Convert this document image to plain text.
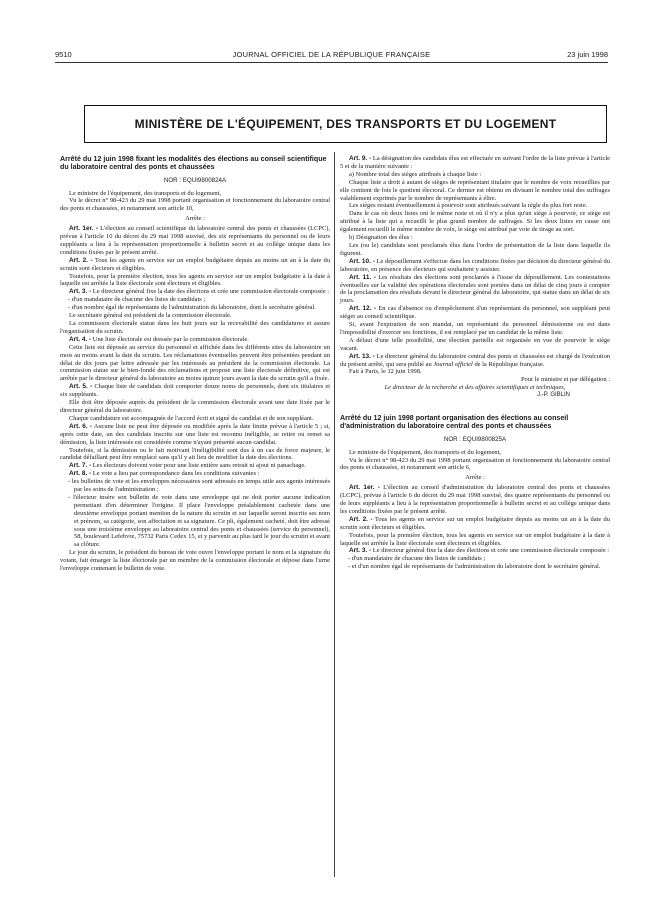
9510	JOURNAL OFFICIEL DE LA RÉPUBLIQUE FRANÇAISE	23 juin 1998
MINISTÈRE DE L'ÉQUIPEMENT, DES TRANSPORTS ET DU LOGEMENT

Arrêté du 12 juin 1998 fixant les modalités des élections au conseil scientifique du laboratoire central des ponts et chaussées

NOR : EQUI9800824A

Le ministre de l'équipement, des transports et du logement,

Vu le décret n° 98-423 du 29 mai 1998 portant organisation et fonctionnement du laboratoire central des ponts et chaussées, et notamment son article 10,

Arrête :

Art. 1er. - L'élection au conseil scientifique du laboratoire central des ponts et chaussées (LCPC), prévue à l'article 10 du décret du 29 mai 1998 susvisé, des six représentants du personnel ou de leurs suppléants a lieu à la représentation proportionnelle à bulletin secret et au collège unique dans les conditions fixées par le présent arrêté.

Art. 2. - Tous les agents en service sur un emploi budgétaire depuis au moins un an à la date du scrutin sont électeurs et éligibles.

Toutefois, pour la première élection, tous les agents en service sur un emploi budgétaire à la date à laquelle est arrêtée la liste électorale sont électeurs et éligibles.

Art. 3. - Le directeur général fixe la date des élections et crée une commission électorale composée :

- d'un mandataire de chacune des listes de candidats ;

- d'un nombre égal de représentants de l'administration du laboratoire, dont le secrétaire général.

Le secrétaire général est président de la commission électorale.

La commission électorale statue dans les huit jours sur la recevabilité des candidatures et assure l'organisation du scrutin.

Art. 4. - Une liste électorale est dressée par la commission électorale.

Cette liste est déposée au service du personnel et affichée dans les différents sites du laboratoire un mois au moins avant la date du scrutin. Les réclamations éventuelles peuvent être présentées pendant un délai de dix jours par lettre adressée par les intéressés au président de la commission électorale. La commission statue sur le bien-fondé des réclamations et propose une liste électorale définitive, qui est arrêtée par le directeur général du laboratoire au moins quinze jours avant la date du scrutin qu'il a fixée.

Art. 5. - Chaque liste de candidats doit comporter douze noms de personnels, dont six titulaires et six suppléants.

Elle doit être déposée auprès du président de la commission électorale avant une date fixée par le directeur général du laboratoire.

Chaque candidature est accompagnée de l'accord écrit et signé du candidat et de son suppléant.

Art. 6. - Aucune liste ne peut être déposée ou modifiée après la date limite prévue à l'article 5 ; si, après cette date, un des candidats inscrits sur une liste est reconnu inéligible, se retire ou remet sa démission, la liste intéressée est considérée comme n'ayant présenté aucun candidat.

Toutefois, si la démission ou le fait motivant l'inéligibilité sont dus à un cas de force majeure, le candidat défaillant peut être remplacé sans qu'il y ait lieu de modifier la date des élections.

Art. 7. - Les électeurs doivent voter pour une liste entière sans retrait ni ajout ni panachage.

Art. 8. - Le vote a lieu par correspondance dans les conditions suivantes :

- les bulletins de vote et les enveloppes nécessaires sont adressés en temps utile aux agents intéressés par les soins de l'administration ;

- l'électeur insère son bulletin de vote dans une enveloppe qui ne doit porter aucune indication permettant d'en déterminer l'origine. Il place l'enveloppe préalablement cachetée dans une deuxième enveloppe portant mention de la nature du scrutin et sur laquelle seront inscrits ses nom et prénom, sa catégorie, son affectation et sa signature. Ce pli, également cacheté, doit être adressé sous une troisième enveloppe au laboratoire central des ponts et chaussées (service du personnel), 58, boulevard Lefebvre, 75732 Paris Cedex 15, et y parvenir au plus tard le jour du scrutin et avant sa clôture.

Le jour du scrutin, le président du bureau de vote ouvre l'enveloppe portant le nom et la signature du votant, fait émarger la liste électorale par un membre de la commission électorale et dépose dans l'urne l'enveloppe contenant le bulletin de vote.

Art. 9. - La désignation des candidats élus est effectuée en suivant l'ordre de la liste prévue à l'article 5 et de la manière suivante :

a) Nombre total des sièges attribués à chaque liste :

Chaque liste a droit à autant de sièges de représentant titulaire que le nombre de voix recueillies par elle contient de fois le quotient électoral. Ce dernier est obtenu en divisant le nombre total des suffrages valablement exprimés par le nombre de représentants à élire.

Les sièges restant éventuellement à pourvoir sont attribués suivant la règle du plus fort reste.

Dans le cas où deux listes ont le même reste et où il n'y a plus qu'un siège à pourvoir, ce siège est attribué à la liste qui a recueilli le plus grand nombre de suffrages. Si les deux listes en cause ont également recueilli le même nombre de voix, le siège est attribué par voie de tirage au sort.

b) Désignation des élus :

Les (ou le) candidats sont proclamés élus dans l'ordre de présentation de la liste dans laquelle ils figurent.

Art. 10. - Le dépouillement s'effectue dans les conditions fixées par décision du directeur général du laboratoire, en présence des électeurs qui souhaitent y assister.

Art. 11. - Les résultats des élections sont proclamés à l'issue du dépouillement. Les contestations éventuelles sur la validité des opérations électorales sont portées dans un délai de cinq jours à compter de la proclamation des résultats devant le directeur général du laboratoire, qui statue dans un délai de six jours.

Art. 12. - En cas d'absence ou d'empêchement d'un représentant du personnel, son suppléant peut siéger au conseil scientifique.

Si, avant l'expiration de son mandat, un représentant du personnel démissionne ou est dans l'impossibilité d'exercer ses fonctions, il est remplacé par un candidat de la même liste.

A défaut d'une telle possibilité, une élection partielle est organisée en vue de pourvoir le siège vacant.

Art. 13. - Le directeur général du laboratoire central des ponts et chaussées est chargé de l'exécution du présent arrêté, qui sera publié au Journal officiel de la République française.

Fait à Paris, le 12 juin 1998.

Pour le ministre et par délégation :

Le directeur de la recherche et des affaires scientifiques et techniques,

J.-P. GIBLIN

Arrêté du 12 juin 1998 portant organisation des élections au conseil d'administration du laboratoire central des ponts et chaussées

NOR : EQUI9800825A

Le ministre de l'équipement, des transports et du logement,

Vu le décret n° 98-423 du 29 mai 1998 portant organisation et fonctionnement du laboratoire central des ponts et chaussées, et notamment son article 6,

Arrête :

Art. 1er. - L'élection au conseil d'administration du laboratoire central des ponts et chaussées (LCPC), prévue à l'article 6 du décret du 29 mai 1998 susvisé, des quatre représentants du personnel ou de leurs suppléants a lieu à la représentation proportionnelle à bulletin secret et au collège unique dans les conditions fixées par le présent arrêté.

Art. 2. - Tous les agents en service sur un emploi budgétaire depuis au moins un an à la date du scrutin sont électeurs et éligibles.

Toutefois, pour la première élection, tous les agents en service sur un emploi budgétaire à la date à laquelle est arrêtée la liste électorale sont électeurs et éligibles.

Art. 3. - Le directeur général fixe la date des élections et crée une commission électorale composée :

- d'un mandataire de chacune des listes de candidats ;

- et d'un nombre égal de représentants de l'administration du laboratoire dont le secrétaire général.
